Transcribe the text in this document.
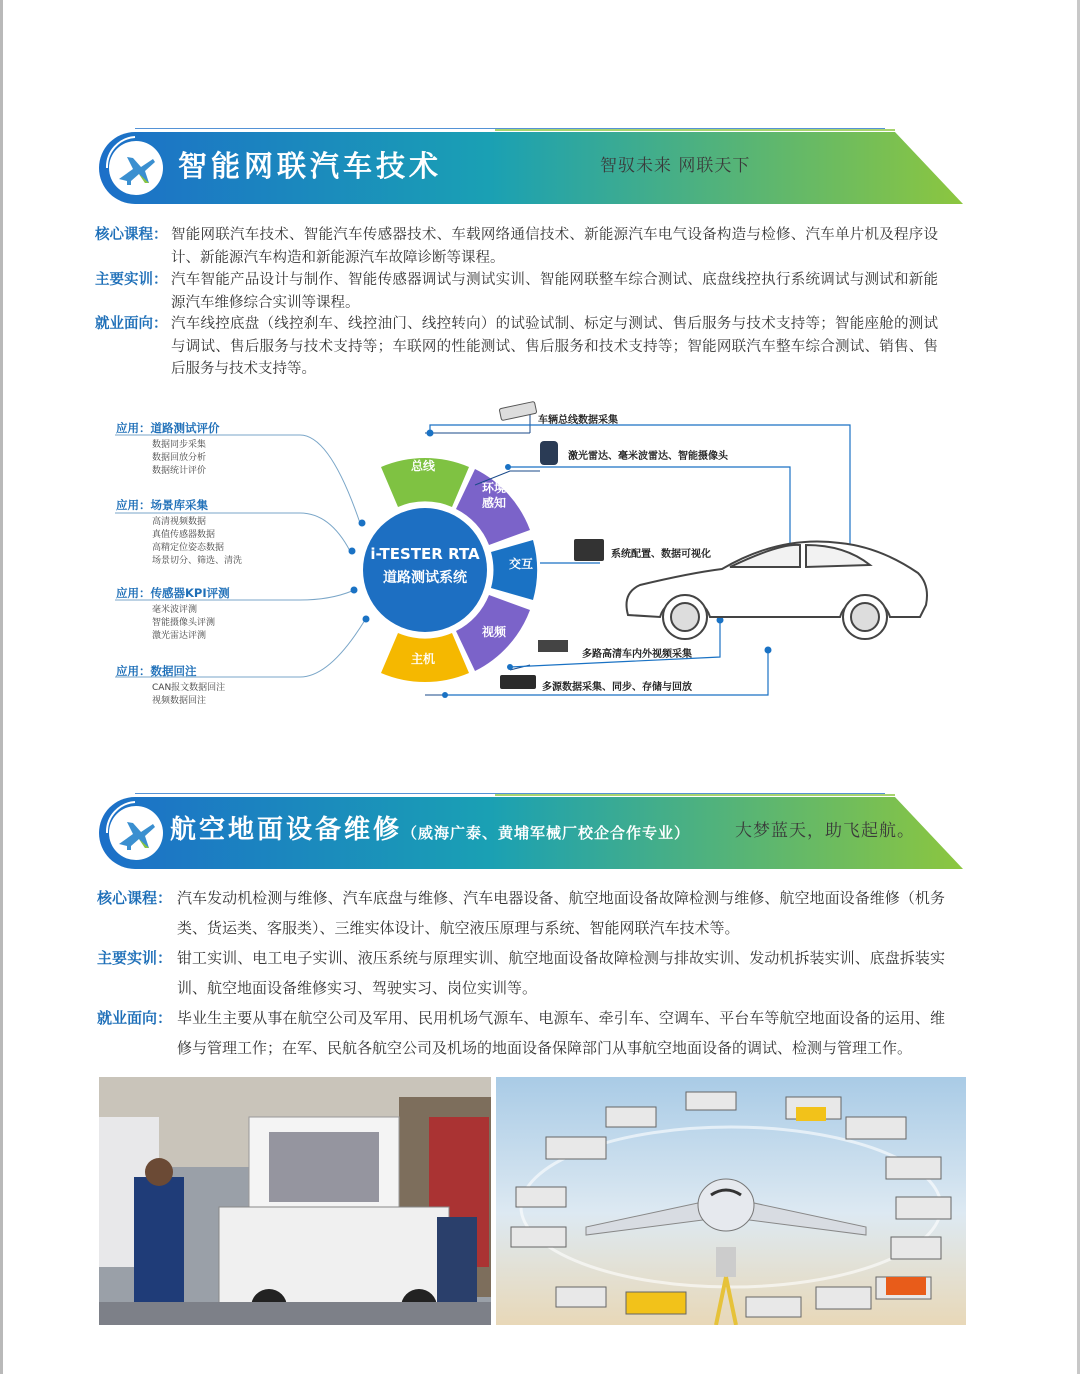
智能网联汽车技术	智驭未来 网联天下
核心课程： 智能网联汽车技术、智能汽车传感器技术、车载网络通信技术、新能源汽车电气设备构造与检修、汽车单片机及程序设计、新能源汽车构造和新能源汽车故障诊断等课程。
主要实训： 汽车智能产品设计与制作、智能传感器调试与测试实训、智能网联整车综合测试、底盘线控执行系统调试与测试和新能源汽车维修综合实训等课程。
就业面向： 汽车线控底盘（线控刹车、线控油门、线控转向）的试验试制、标定与测试、售后服务与技术支持等；智能座舱的测试与调试、售后服务与技术支持等；车联网的性能测试、售后服务和技术支持等；智能网联汽车整车综合测试、销售、售后服务与技术支持等。
应用：道路测试评价
数据同步采集
数据回放分析
数据统计评价
应用：场景库采集
高清视频数据
真值传感器数据
高精定位姿态数据
场景切分、筛选、清洗
应用：传感器KPI评测
毫米波评测
智能摄像头评测
激光雷达评测
应用：数据回注
CAN报文数据回注
视频数据回注
总线
环境
感知
交互
视频
主机
i-TESTER RTA
道路测试系统
车辆总线数据采集
激光雷达、毫米波雷达、智能摄像头
系统配置、数据可视化
多路高清车内外视频采集
多源数据采集、同步、存储与回放
航空地面设备维修（威海广泰、黄埔军械厂校企合作专业）	大梦蓝天，助飞起航。
核心课程： 汽车发动机检测与维修、汽车底盘与维修、汽车电器设备、航空地面设备故障检测与维修、航空地面设备维修（机务类、货运类、客服类）、三维实体设计、航空液压原理与系统、智能网联汽车技术等。
主要实训： 钳工实训、电工电子实训、液压系统与原理实训、航空地面设备故障检测与排故实训、发动机拆装实训、底盘拆装实训、航空地面设备维修实习、驾驶实习、岗位实训等。
就业面向： 毕业生主要从事在航空公司及军用、民用机场气源车、电源车、牵引车、空调车、平台车等航空地面设备的运用、维修与管理工作；在军、民航各航空公司及机场的地面设备保障部门从事航空地面设备的调试、检测与管理工作。
